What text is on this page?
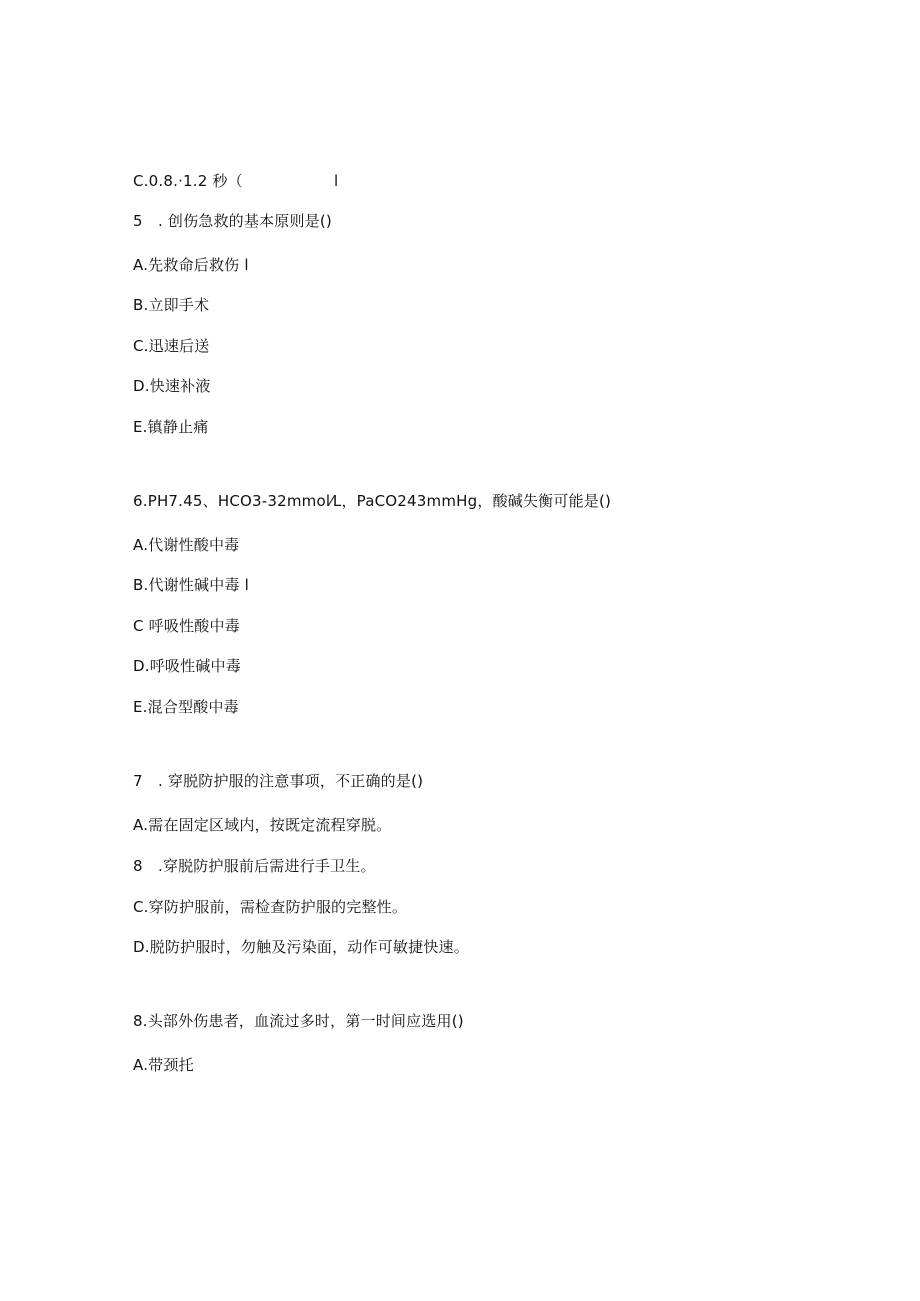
C.0.8.·1.2 秒（　　　　　　l
5　. 创伤急救的基本原则是()
A.先救命后救伤 l
B.立即手术
C.迅速后送
D.快速补液
E.镇静止痛
6.PH7.45、HCO3-32mmol⁄L，PaCO243mmHg，酸碱失衡可能是()
A.代谢性酸中毒
B.代谢性碱中毒 l
C 呼吸性酸中毒
D.呼吸性碱中毒
E.混合型酸中毒
7　. 穿脱防护服的注意事项，不正确的是()
A.需在固定区域内，按既定流程穿脱。
8　.穿脱防护服前后需进行手卫生。
C.穿防护服前，需检查防护服的完整性。
D.脱防护服时，勿触及污染面，动作可敏捷快速。
8.头部外伤患者，血流过多时，第一时间应选用()
A.带颈托
